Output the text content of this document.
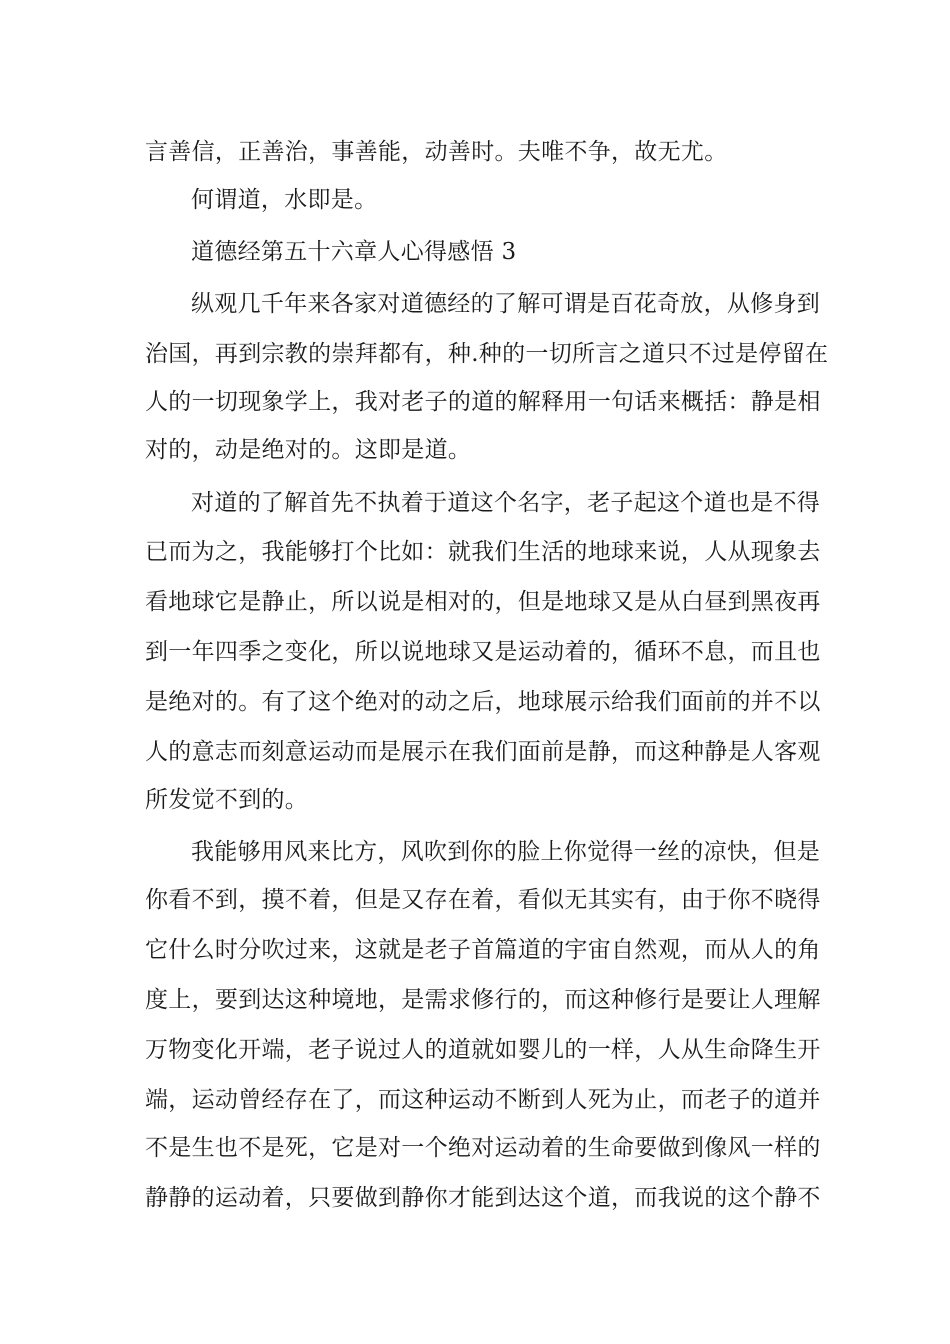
言善信，正善治，事善能，动善时。夫唯不争，故无尤。
何谓道，水即是。
道德经第五十六章人心得感悟 3
纵观几千年来各家对道德经的了解可谓是百花奇放，从修身到
治国，再到宗教的崇拜都有，种.种的一切所言之道只不过是停留在
人的一切现象学上，我对老子的道的解释用一句话来概括：静是相
对的，动是绝对的。这即是道。
对道的了解首先不执着于道这个名字，老子起这个道也是不得
已而为之，我能够打个比如：就我们生活的地球来说，人从现象去
看地球它是静止，所以说是相对的，但是地球又是从白昼到黑夜再
到一年四季之变化，所以说地球又是运动着的，循环不息，而且也
是绝对的。有了这个绝对的动之后，地球展示给我们面前的并不以
人的意志而刻意运动而是展示在我们面前是静，而这种静是人客观
所发觉不到的。
我能够用风来比方，风吹到你的脸上你觉得一丝的凉快，但是
你看不到，摸不着，但是又存在着，看似无其实有，由于你不晓得
它什么时分吹过来，这就是老子首篇道的宇宙自然观，而从人的角
度上，要到达这种境地，是需求修行的，而这种修行是要让人理解
万物变化开端，老子说过人的道就如婴儿的一样，人从生命降生开
端，运动曾经存在了，而这种运动不断到人死为止，而老子的道并
不是生也不是死，它是对一个绝对运动着的生命要做到像风一样的
静静的运动着，只要做到静你才能到达这个道，而我说的这个静不
